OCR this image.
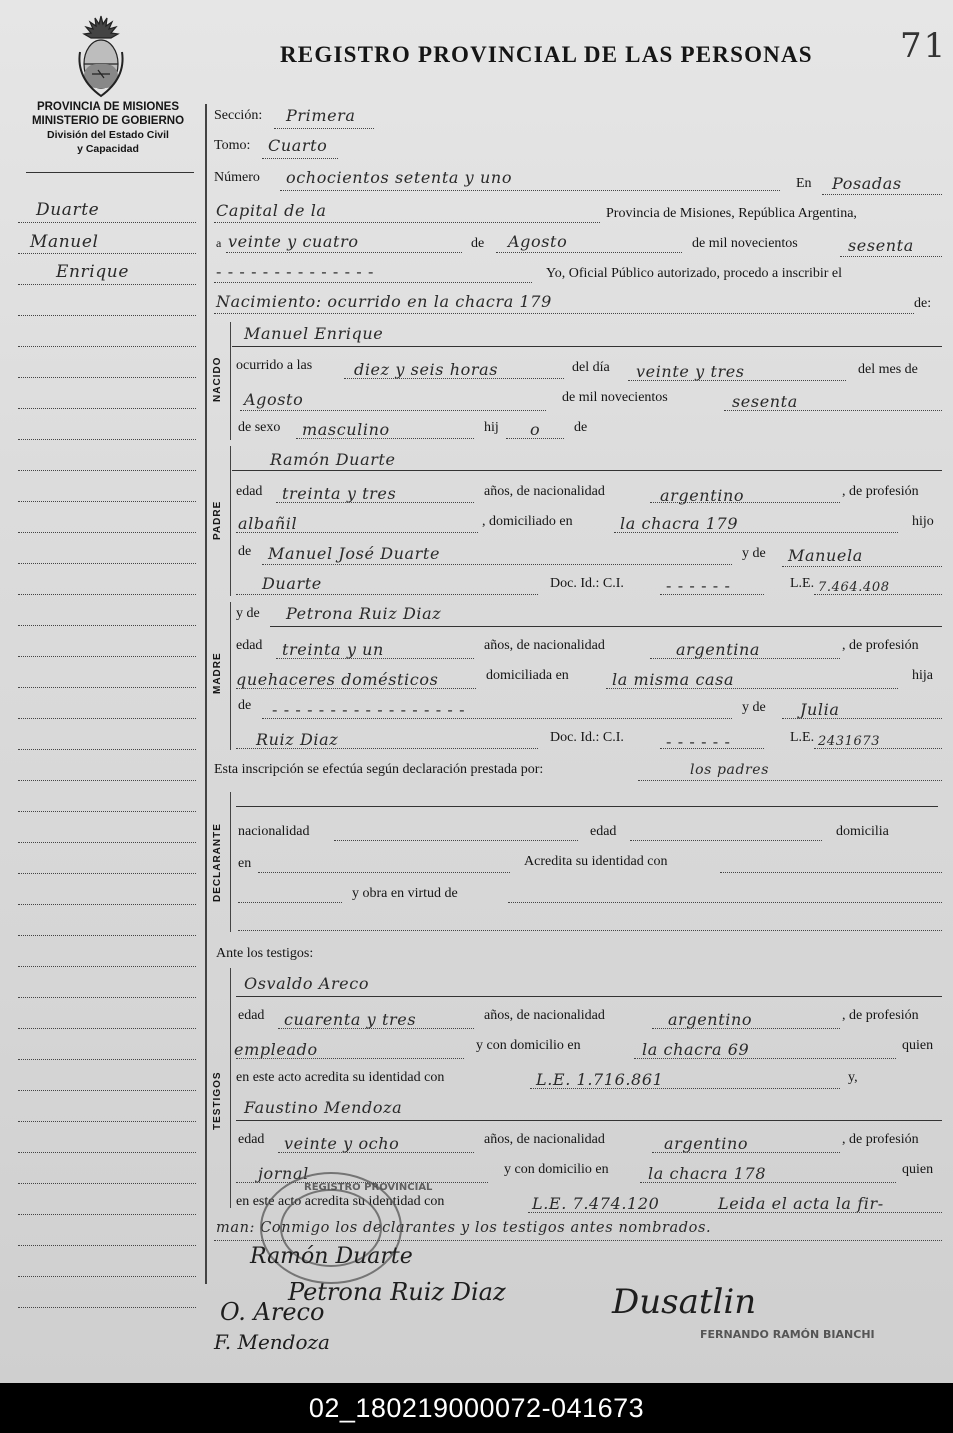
71
REGISTRO PROVINCIAL DE LAS PERSONAS
PROVINCIA DE MISIONES
MINISTERIO DE GOBIERNO
División del Estado Civil
y Capacidad
Duarte
Manuel
Enrique
Sección: Primera
Tomo: Cuarto
Número ochocientos setenta y uno	En Posadas
Capital de la	Provincia de Misiones, República Argentina,
a veinte y cuatro	de Agosto	de mil novecientos	sesenta
- - - - - - - - - - - - - -	Yo, Oficial Público autorizado, procedo a inscribir el
Nacimiento: ocurrido en la chacra 179	de:
NACIDO
Manuel Enrique
ocurrido a las	diez y seis horas	del día veinte y tres	del mes de
Agosto	de mil novecientos	sesenta
de sexo masculino	hij o de
PADRE
Ramón Duarte
edad treinta y tres	años, de nacionalidad	argentino	, de profesión
albañil	, domiciliado en	la chacra 179	hijo
de Manuel José Duarte	y de Manuela
Duarte	Doc. Id.: C.I.	- - - - - -	L.E. 7.464.408
MADRE
y de Petrona Ruiz Diaz
edad treinta y un	años, de nacionalidad	argentina	, de profesión
quehaceres domésticos	domiciliada en	la misma casa	hija
de - - - - - - - - - - - - - - - - -	y de Julia
Ruiz Diaz	Doc. Id.: C.I.	- - - - - -	L.E. 2431673
Esta inscripción se efectúa según declaración prestada por:	los padres
DECLARANTE nacionalidad	edad	domicilia
en	Acredita su identidad con
y obra en virtud de
Ante los testigos:
TESTIGOS
Osvaldo Areco
edad cuarenta y tres	años, de nacionalidad	argentino	, de profesión
empleado	y con domicilio en	la chacra 69	quien
en este acto acredita su identidad con	L.E. 1.716.861	y,
Faustino Mendoza
edad veinte y ocho	años, de nacionalidad	argentino	, de profesión
jornal	y con domicilio en la chacra 178	quien
en este acto acredita su identidad con	L.E. 7.474.120	Leida el acta la fir-
man: Conmigo los declarantes y los testigos antes nombrados.
REGISTRO PROVINCIAL
Ramón Duarte
Petrona Ruiz Diaz
O. Areco
F. Mendoza
Dusatlin
FERNANDO RAMÓN BIANCHI
02_180219000072-041673
